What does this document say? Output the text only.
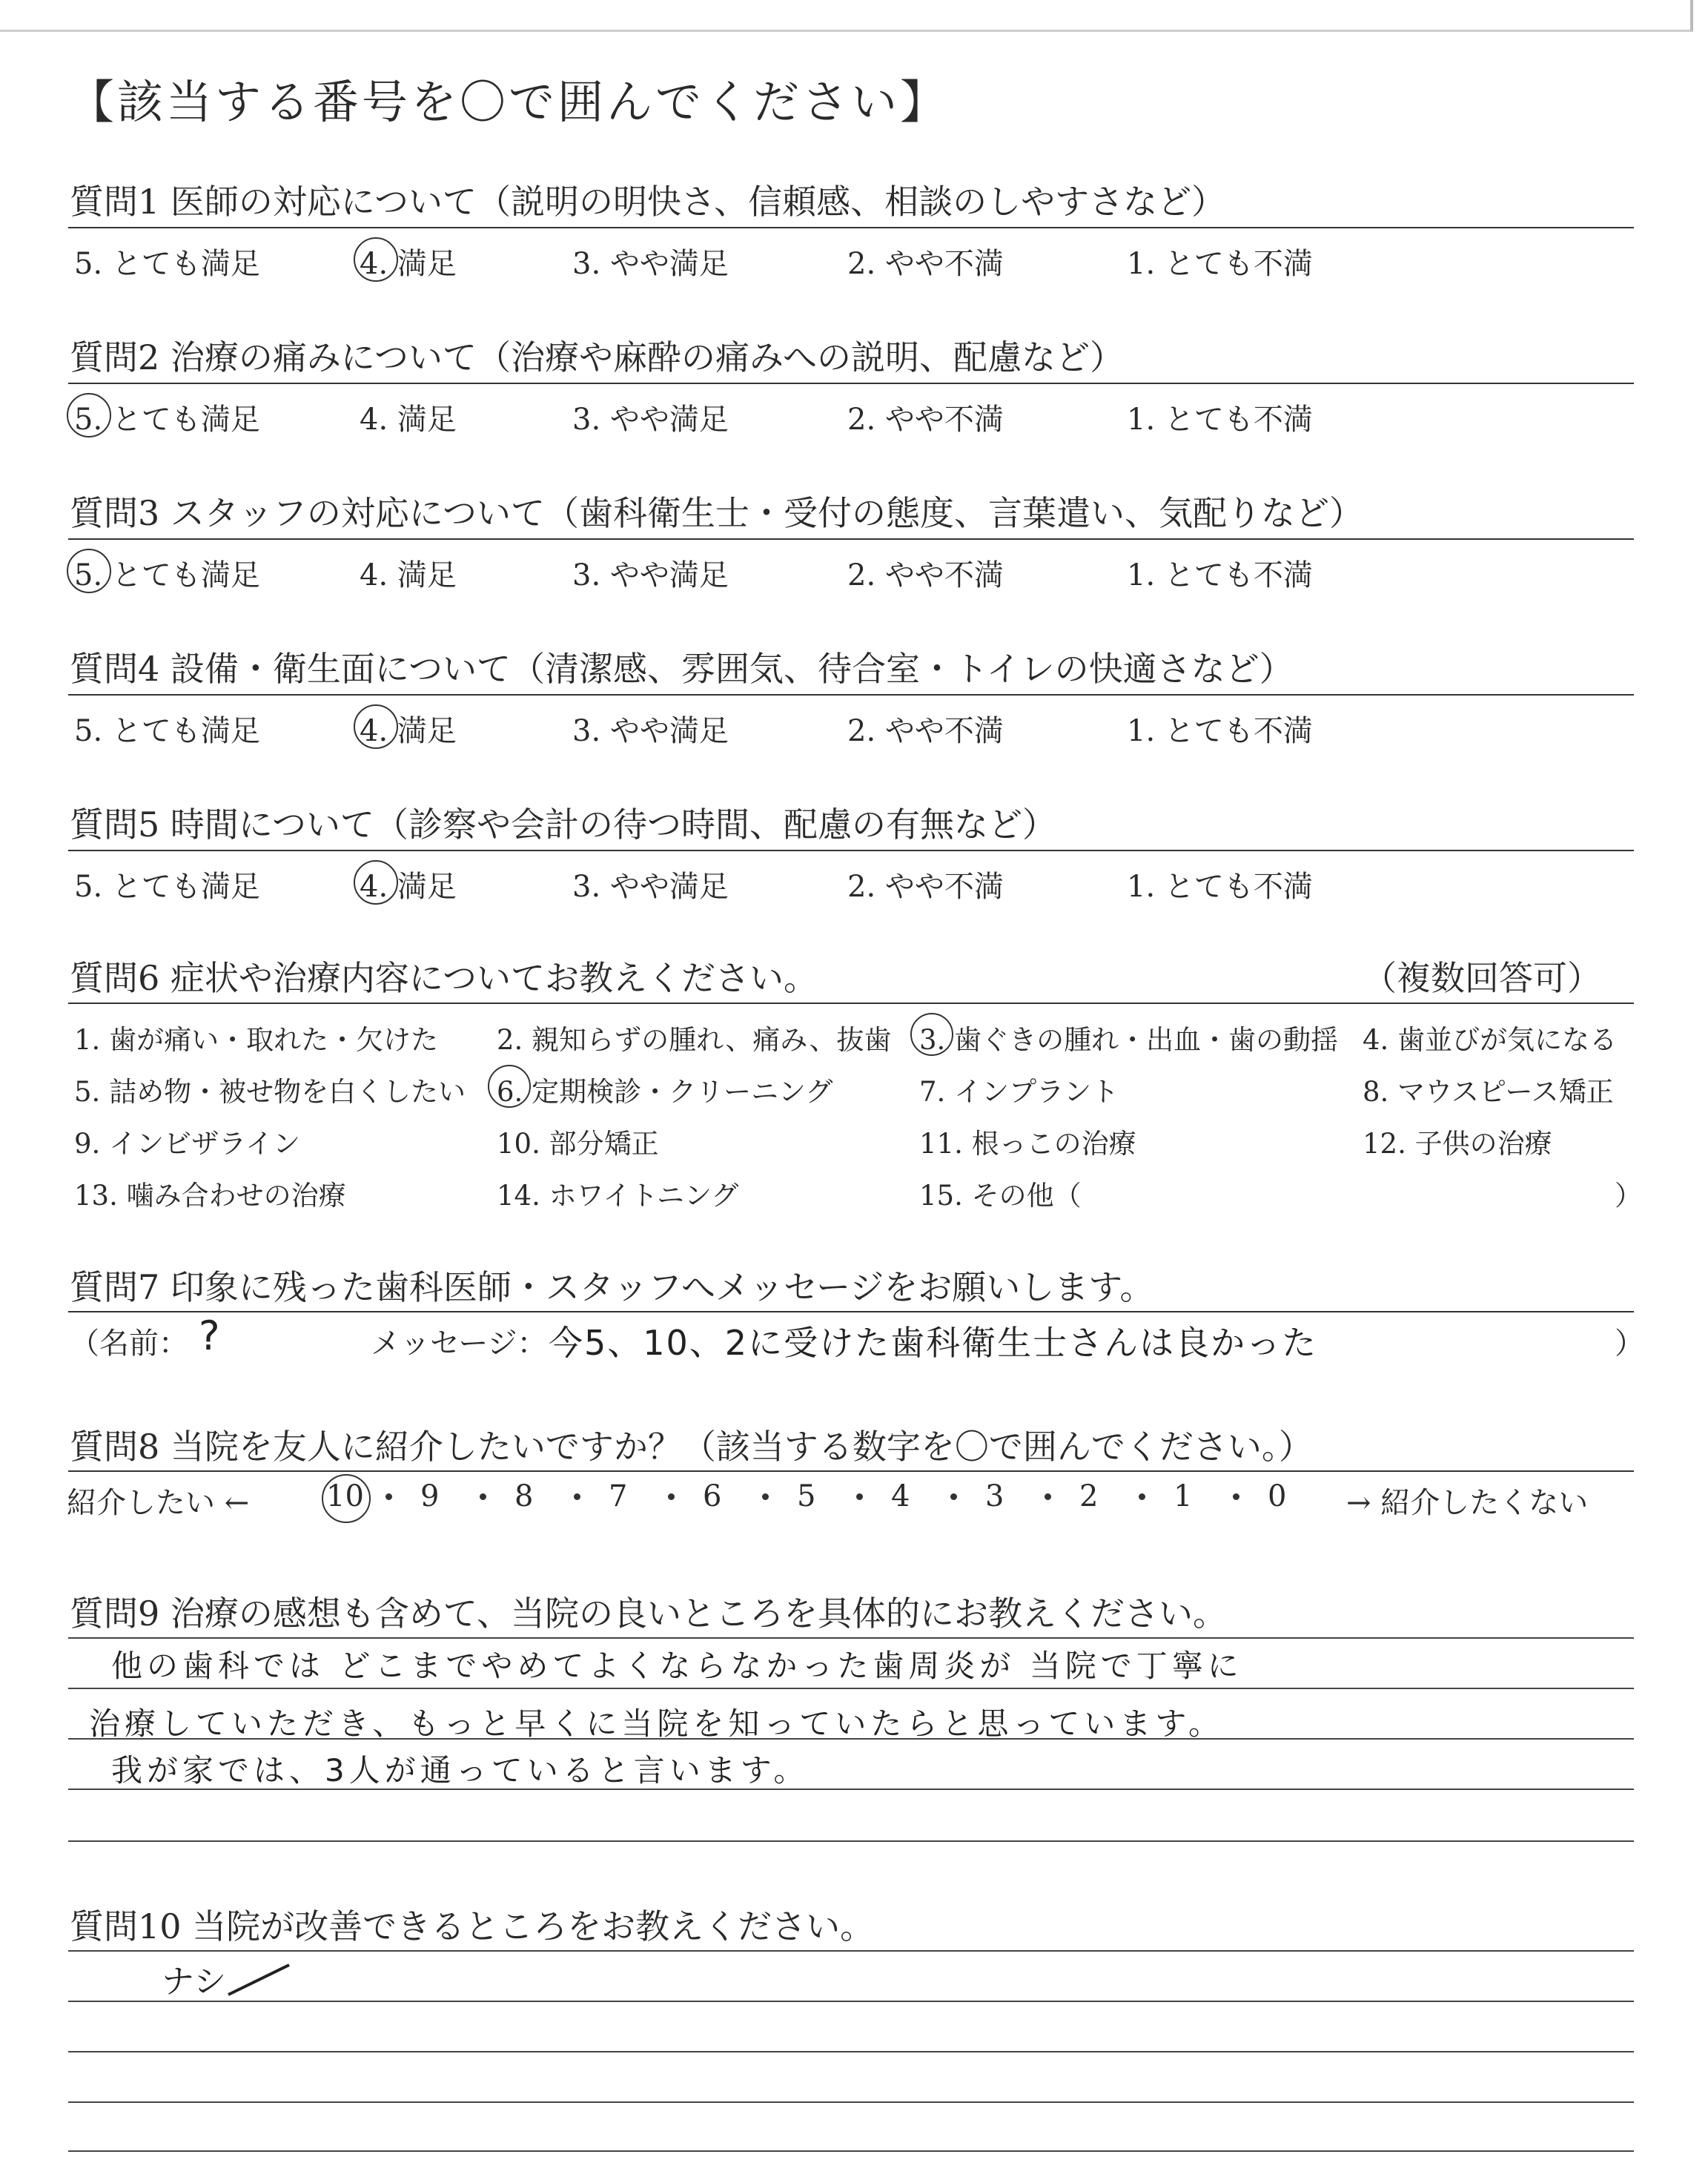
【該当する番号を〇で囲んでください】
質問1 医師の対応について（説明の明快さ、信頼感、相談のしやすさなど）
5. とても満足	4. 満足	3. やや満足	2. やや不満	1. とても不満
質問2 治療の痛みについて（治療や麻酔の痛みへの説明、配慮など）
5. とても満足	4. 満足	3. やや満足	2. やや不満	1. とても不満
質問3 スタッフの対応について（歯科衛生士・受付の態度、言葉遣い、気配りなど）
5. とても満足	4. 満足	3. やや満足	2. やや不満	1. とても不満
質問4 設備・衛生面について（清潔感、雰囲気、待合室・トイレの快適さなど）
5. とても満足	4. 満足	3. やや満足	2. やや不満	1. とても不満
質問5 時間について（診察や会計の待つ時間、配慮の有無など）
5. とても満足	4. 満足	3. やや満足	2. やや不満	1. とても不満
質問6 症状や治療内容についてお教えください。	（複数回答可）
1. 歯が痛い・取れた・欠けた 2. 親知らずの腫れ、痛み、抜歯 3. 歯ぐきの腫れ・出血・歯の動揺 4. 歯並びが気になる
5. 詰め物・被せ物を白くしたい 6. 定期検診・クリーニング	7. インプラント	8. マウスピース矯正
9. インビザライン	10. 部分矯正	11. 根っこの治療	12. 子供の治療
13. 噛み合わせの治療	14. ホワイトニング	15. その他（	）
質問7 印象に残った歯科医師・スタッフへメッセージをお願いします。
（名前： ?	メッセージ： 今5、10、2に受けた歯科衛生士さんは良かった	）
質問8 当院を友人に紹介したいですか？（該当する数字を〇で囲んでください。）
紹介したい ←	10 9	8	7	6	5	4	3	2	1	0 → 紹介したくない
質問9 治療の感想も含めて、当院の良いところを具体的にお教えください。
他の歯科では どこまでやめてよくならなかった歯周炎が 当院で丁寧に
治療していただき、もっと早くに当院を知っていたらと思っています。
我が家では、3人が通っていると言います。
質問10 当院が改善できるところをお教えください。
ナシ
